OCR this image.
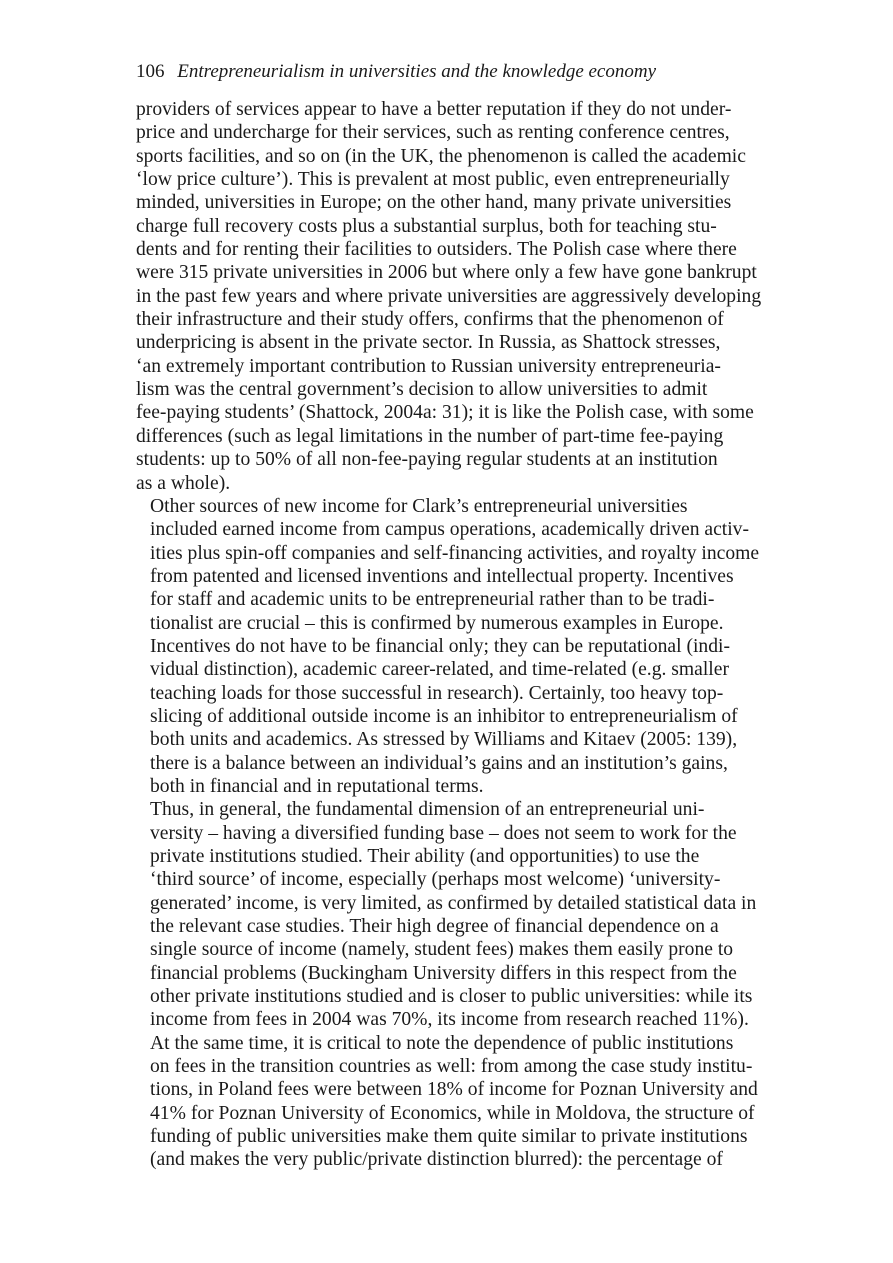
106 Entrepreneurialism in universities and the knowledge economy

providers of services appear to have a better reputation if they do not under-
price and undercharge for their services, such as renting conference centres,
sports facilities, and so on (in the UK, the phenomenon is called the academic
‘low price culture’). This is prevalent at most public, even entrepreneurially
minded, universities in Europe; on the other hand, many private universities
charge full recovery costs plus a substantial surplus, both for teaching stu-
dents and for renting their facilities to outsiders. The Polish case where there
were 315 private universities in 2006 but where only a few have gone bankrupt
in the past few years and where private universities are aggressively developing
their infrastructure and their study offers, confirms that the phenomenon of
underpricing is absent in the private sector. In Russia, as Shattock stresses,
‘an extremely important contribution to Russian university entrepreneuria-
lism was the central government’s decision to allow universities to admit
fee-paying students’ (Shattock, 2004a: 31); it is like the Polish case, with some
differences (such as legal limitations in the number of part-time fee-paying
students: up to 50% of all non-fee-paying regular students at an institution
as a whole).

Other sources of new income for Clark’s entrepreneurial universities
included earned income from campus operations, academically driven activ-
ities plus spin-off companies and self-financing activities, and royalty income
from patented and licensed inventions and intellectual property. Incentives
for staff and academic units to be entrepreneurial rather than to be tradi-
tionalist are crucial – this is confirmed by numerous examples in Europe.
Incentives do not have to be financial only; they can be reputational (indi-
vidual distinction), academic career-related, and time-related (e.g. smaller
teaching loads for those successful in research). Certainly, too heavy top-
slicing of additional outside income is an inhibitor to entrepreneurialism of
both units and academics. As stressed by Williams and Kitaev (2005: 139),
there is a balance between an individual’s gains and an institution’s gains,
both in financial and in reputational terms.

Thus, in general, the fundamental dimension of an entrepreneurial uni-
versity – having a diversified funding base – does not seem to work for the
private institutions studied. Their ability (and opportunities) to use the
‘third source’ of income, especially (perhaps most welcome) ‘university-
generated’ income, is very limited, as confirmed by detailed statistical data in
the relevant case studies. Their high degree of financial dependence on a
single source of income (namely, student fees) makes them easily prone to
financial problems (Buckingham University differs in this respect from the
other private institutions studied and is closer to public universities: while its
income from fees in 2004 was 70%, its income from research reached 11%).
At the same time, it is critical to note the dependence of public institutions
on fees in the transition countries as well: from among the case study institu-
tions, in Poland fees were between 18% of income for Poznan University and
41% for Poznan University of Economics, while in Moldova, the structure of
funding of public universities make them quite similar to private institutions
(and makes the very public/private distinction blurred): the percentage of
